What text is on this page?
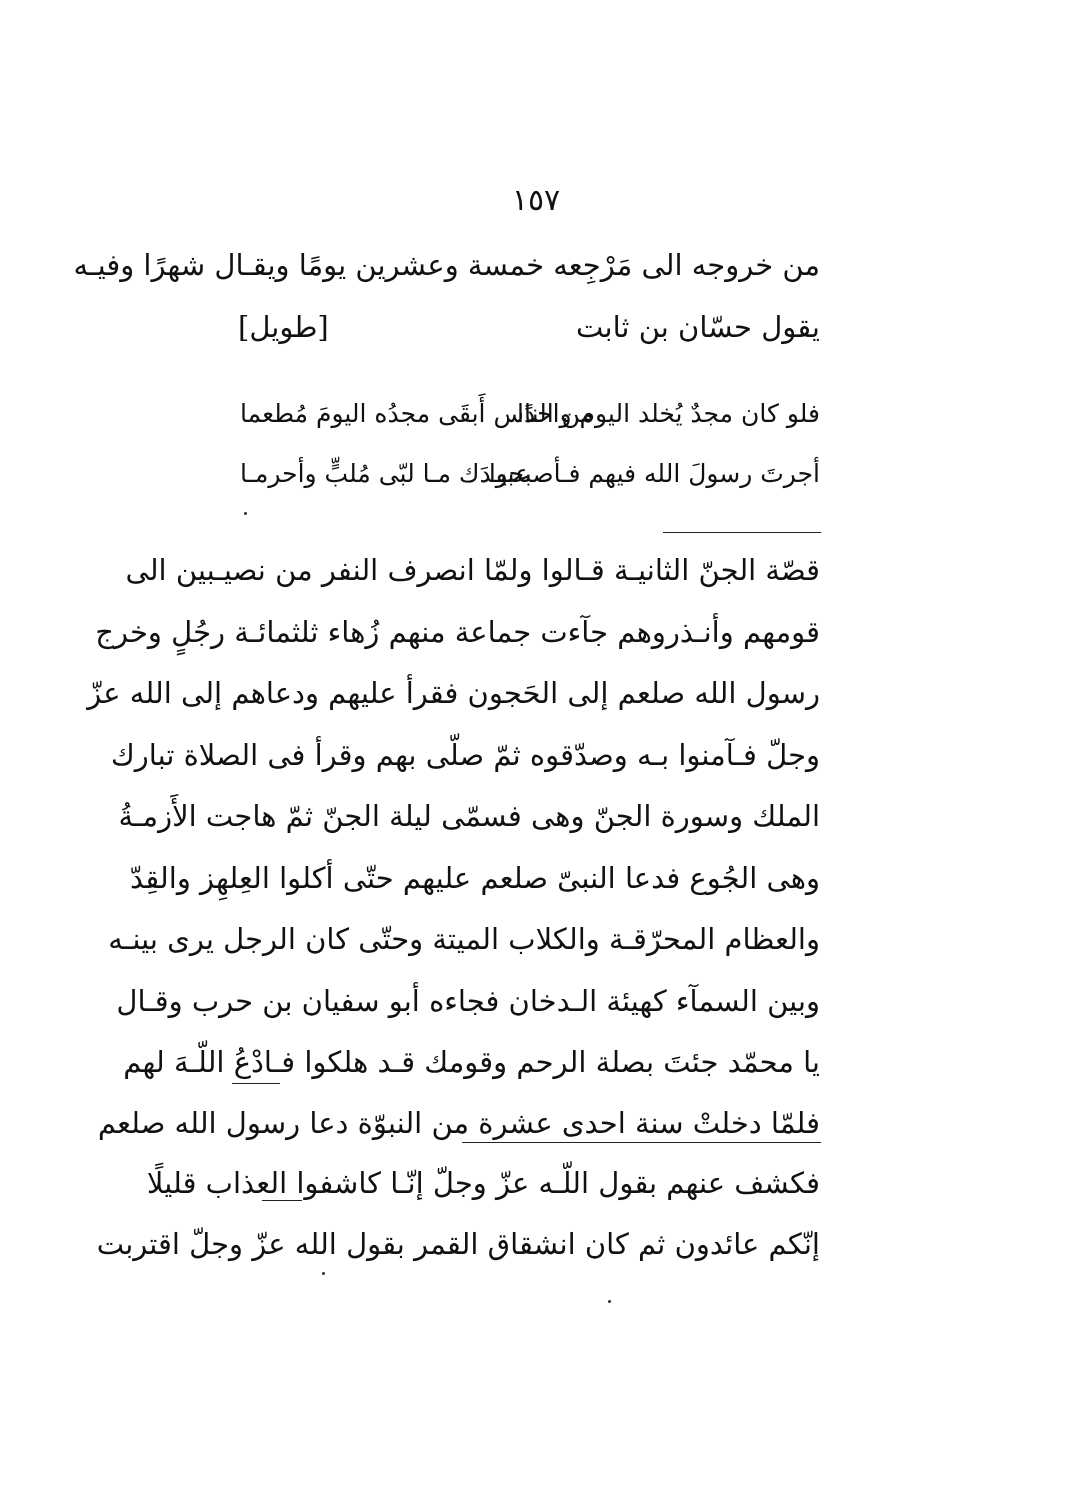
١٥٧
من خروجه الى مَرْجِعه خمسة وعشرين يومًا ويقـال شهرًا وفيـه
يقول حسّان بن ثابت
[طويل]
فلو كان مجدٌ يُخلد اليوم واحدًا
من الناس أَبقَى مجدُه اليومَ مُطعما
أجرتَ رسولَ الله فيهم فـأصبحوا
عبيـدَك مـا لبّى مُلبٍّ وأحرمـا
قصّة الجنّ الثانيـة قـالوا ولمّا انصرف النفر من نصيـبين الى
قومهم وأنـذروهم جآءت جماعة منهم زُهاء ثلثمائـة رجُلٍ وخرج
رسول الله صلعم إلى الحَجون فقرأ عليهم ودعاهم إلى الله عزّ
وجلّ فـآمنوا بـه وصدّقوه ثمّ صلّى بهم وقرأ فى الصلاة تبارك
الملك وسورة الجنّ وهى فسمّى ليلة الجنّ ثمّ هاجت الأَزمـةُ
وهى الجُوع فدعا النبىّ صلعم عليهم حتّى أكلوا العِلهِز والقِدّ
والعظام المحرّقـة والكلاب الميتة وحتّى كان الرجل يرى بينـه
وبين السمآء كهيئة الـدخان فجاءه أبو سفيان بن حرب وقـال
يا محمّد جئتَ بصلة الرحم وقومك قـد هلكوا فـادْعُ اللّـهَ لهم
فلمّا دخلتْ سنة احدى عشرة من النبوّة دعا رسول الله صلعم
فكشف عنهم بقول اللّـه عزّ وجلّ إنّـا كاشفوا العذاب قليلًا
إنّكم عائدون ثم كان انشقاق القمر بقول الله عزّ وجلّ اقتربت
